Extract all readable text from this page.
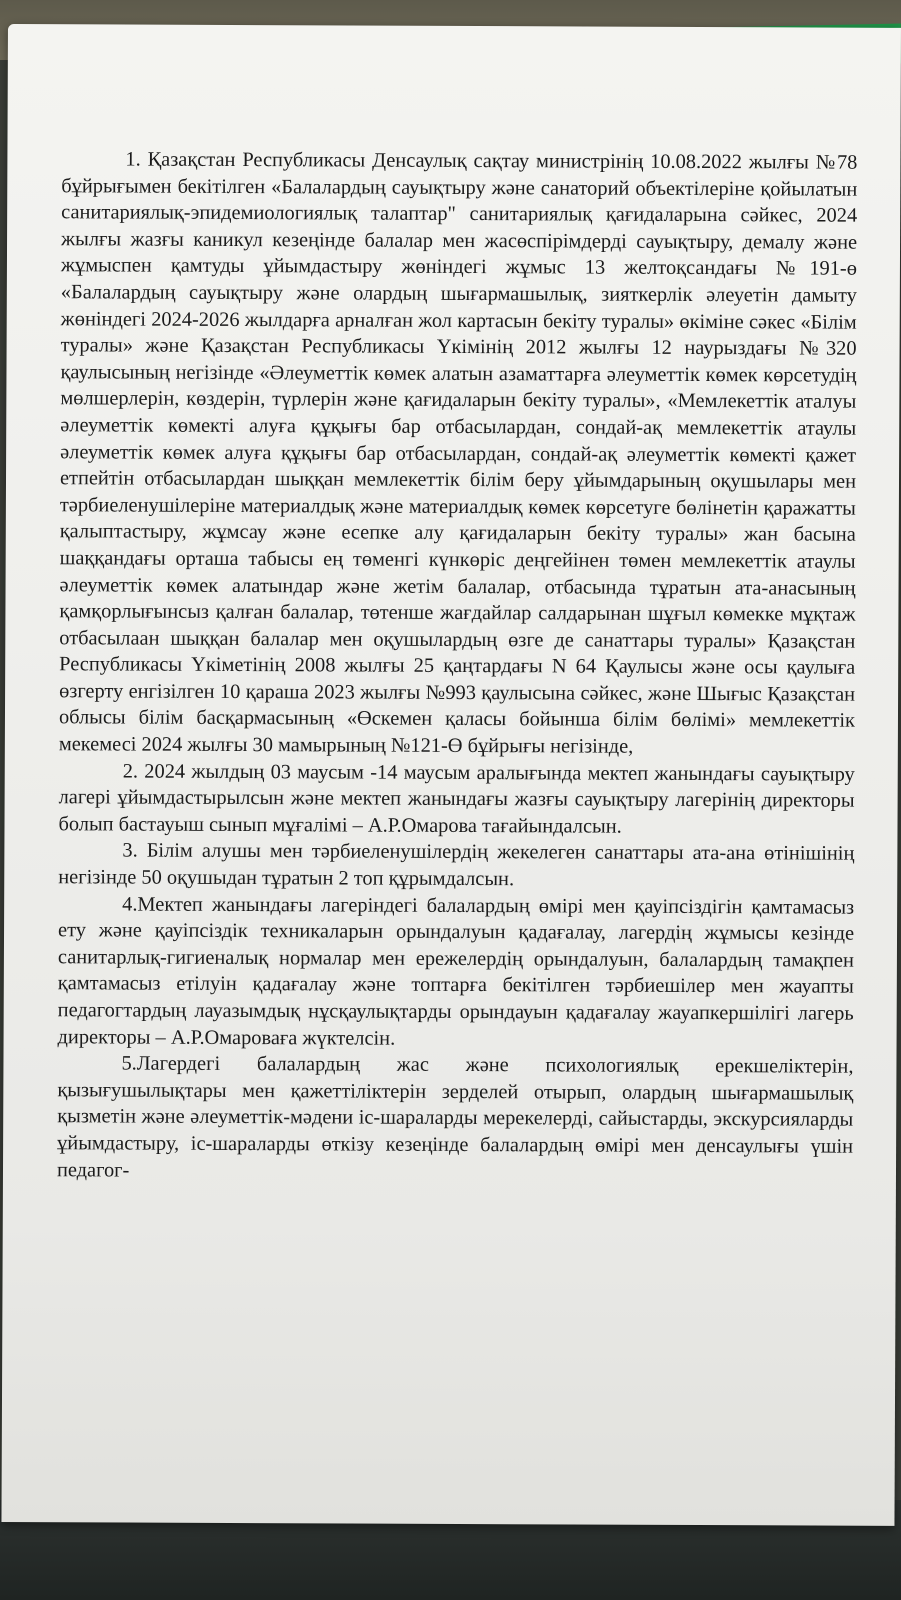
1. Қазақстан Республикасы Денсаулық сақтау министрінің 10.08.2022 жылғы №78 бұйрығымен бекітілген «Балалардың сауықтыру және санаторий объектілеріне қойылатын санитариялық-эпидемиологиялық талаптар" санитариялық қағидаларына сәйкес, 2024 жылғы жазғы каникул кезеңінде балалар мен жасөспірімдерді сауықтыру, демалу және жұмыспен қамтуды ұйымдастыру жөніндегі жұмыс 13 желтоқсандағы №191-ө «Балалардың сауықтыру және олардың шығармашылық, зияткерлік әлеуетін дамыту жөніндегі 2024-2026 жылдарға арналған жол картасын бекіту туралы» өкіміне сәкес «Білім туралы» және Қазақстан Республикасы Үкімінің 2012 жылғы 12 наурыздағы №320 қаулысының негізінде «Әлеуметтік көмек алатын азаматтарға әлеуметтік көмек көрсетудің мөлшерлерін, көздерін, түрлерін және қағидаларын бекіту туралы», «Мемлекеттік аталуы әлеуметтік көмекті алуға құқығы бар отбасылардан, сондай-ақ мемлекеттік атаулы әлеуметтік көмек алуға құқығы бар отбасылардан, сондай-ақ әлеуметтік көмекті қажет етпейтін отбасылардан шыққан мемлекеттік білім беру ұйымдарының оқушылары мен тәрбиеленушілеріне материалдық және материалдық көмек көрсетуге бөлінетін қаражатты қалыптастыру, жұмсау және есепке алу қағидаларын бекіту туралы» жан басына шаққандағы орташа табысы ең төменгі күнкөріс деңгейінен төмен мемлекеттік атаулы әлеуметтік көмек алатындар және жетім балалар, отбасында тұратын ата-анасының қамқорлығынсыз қалған балалар, төтенше жағдайлар салдарынан шұғыл көмекке мұқтаж отбасылаан шыққан балалар мен оқушылардың өзге де санаттары туралы» Қазақстан Республикасы Үкіметінің 2008 жылғы 25 қаңтардағы N 64 Қаулысы және осы қаулыға өзгерту енгізілген 10 қараша 2023 жылғы №993 қаулысына сәйкес, және Шығыс Қазақстан облысы білім басқармасының «Өскемен қаласы бойынша білім бөлімі» мемлекеттік мекемесі 2024 жылғы 30 мамырының №121-Ө бұйрығы негізінде,

2. 2024 жылдың 03 маусым -14 маусым аралығында мектеп жанындағы сауықтыру лагері ұйымдастырылсын және мектеп жанындағы жазғы сауықтыру лагерінің директоры болып бастауыш сынып мұғалімі – А.Р.Омарова тағайындалсын.

3. Білім алушы мен тәрбиеленушілердің жекелеген санаттары ата-ана өтінішінің негізінде 50 оқушыдан тұратын 2 топ құрымдалсын.

4.Мектеп жанындағы лагеріндегі балалардың өмірі мен қауіпсіздігін қамтамасыз ету және қауіпсіздік техникаларын орындалуын қадағалау, лагердің жұмысы кезінде санитарлық-гигиеналық нормалар мен ережелердің орындалуын, балалардың тамақпен қамтамасыз етілуін қадағалау және топтарға бекітілген тәрбиешілер мен жауапты педагогтардың лауазымдық нұсқаулықтарды орындауын қадағалау жауапкершілігі лагерь директоры – А.Р.Омароваға жүктелсін.

5.Лагердегі балалардың жас және психологиялық ерекшеліктерін, қызығушылықтары мен қажеттіліктерін зерделей отырып, олардың шығармашылық қызметін және әлеуметтік-мәдени іс-шараларды мерекелерді, сайыстарды, экскурсияларды ұйымдастыру, іс-шараларды өткізу кезеңінде балалардың өмірі мен денсаулығы үшін педагог-
